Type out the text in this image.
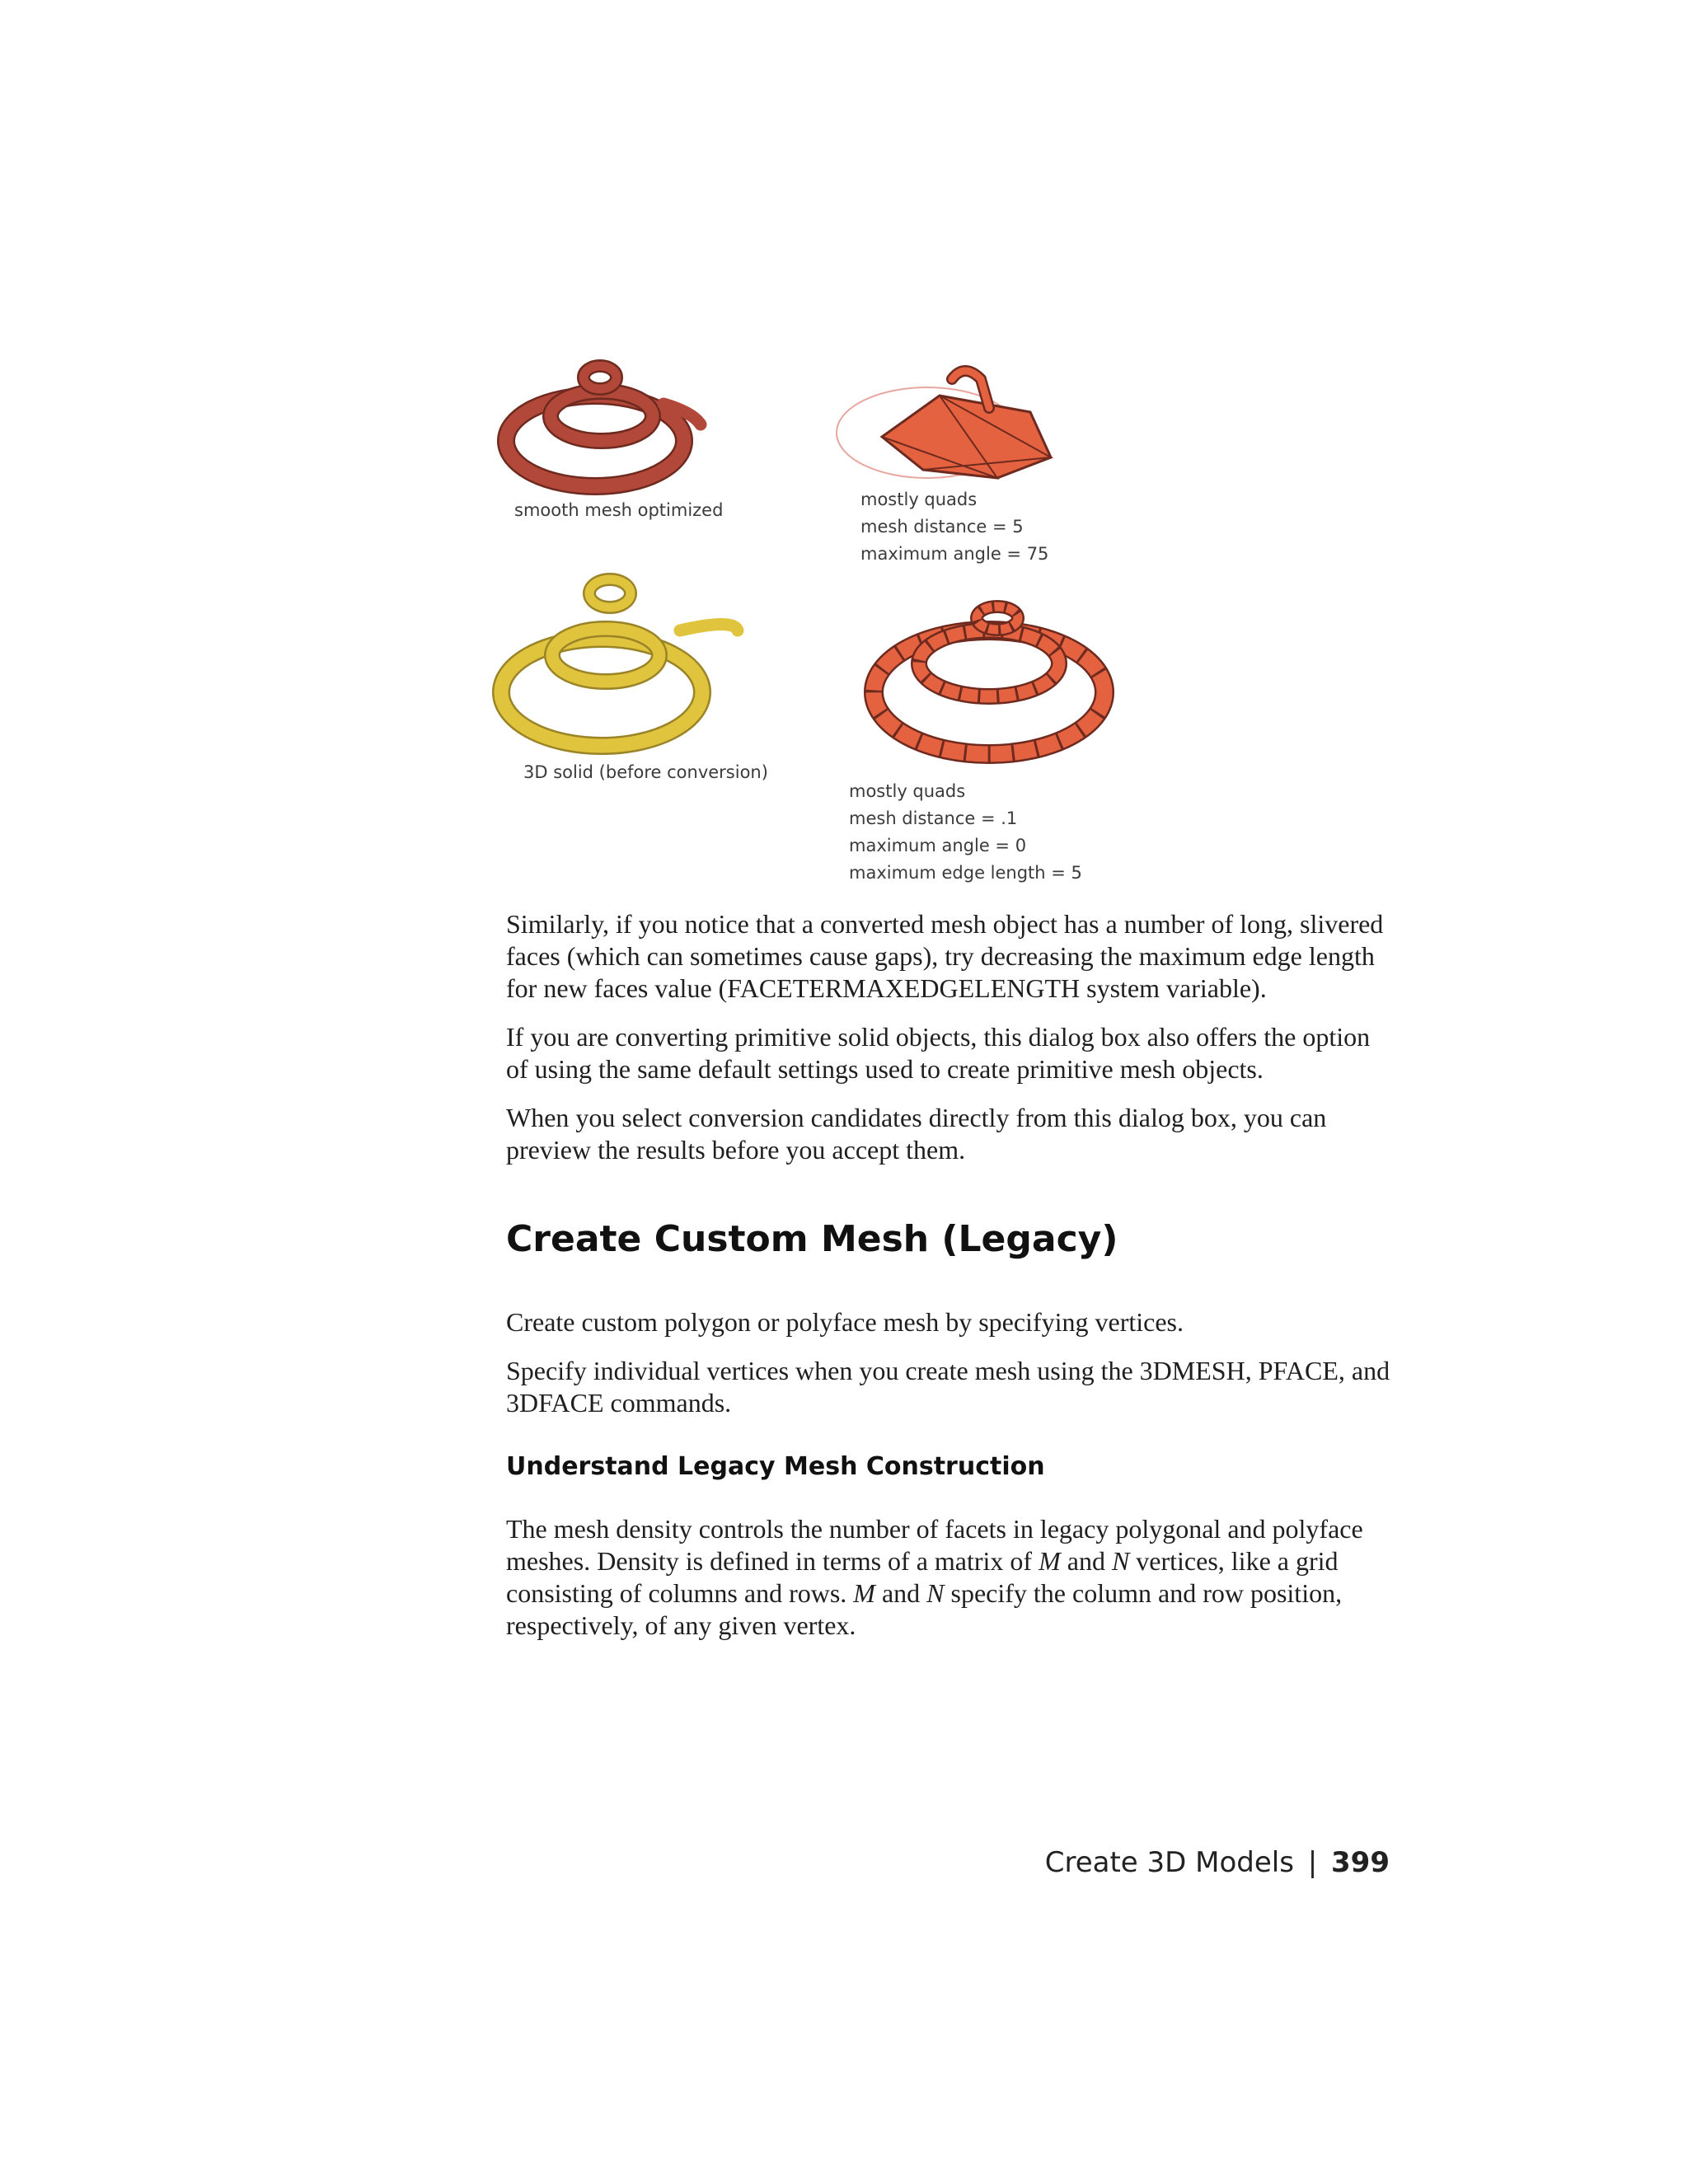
smooth mesh optimized
mostly quads
mesh distance = 5
maximum angle = 75
3D solid (before conversion)
mostly quads
mesh distance = .1
maximum angle = 0
maximum edge length = 5

Similarly, if you notice that a converted mesh object has a number of long, slivered faces (which can sometimes cause gaps), try decreasing the maximum edge length for new faces value (FACETERMAXEDGELENGTH system variable).

If you are converting primitive solid objects, this dialog box also offers the option of using the same default settings used to create primitive mesh objects.

When you select conversion candidates directly from this dialog box, you can preview the results before you accept them.

Create Custom Mesh (Legacy)

Create custom polygon or polyface mesh by specifying vertices.

Specify individual vertices when you create mesh using the 3DMESH, PFACE, and 3DFACE commands.

Understand Legacy Mesh Construction

The mesh density controls the number of facets in legacy polygonal and polyface meshes. Density is defined in terms of a matrix of M and N vertices, like a grid consisting of columns and rows. M and N specify the column and row position, respectively, of any given vertex.

Create 3D Models | 399
